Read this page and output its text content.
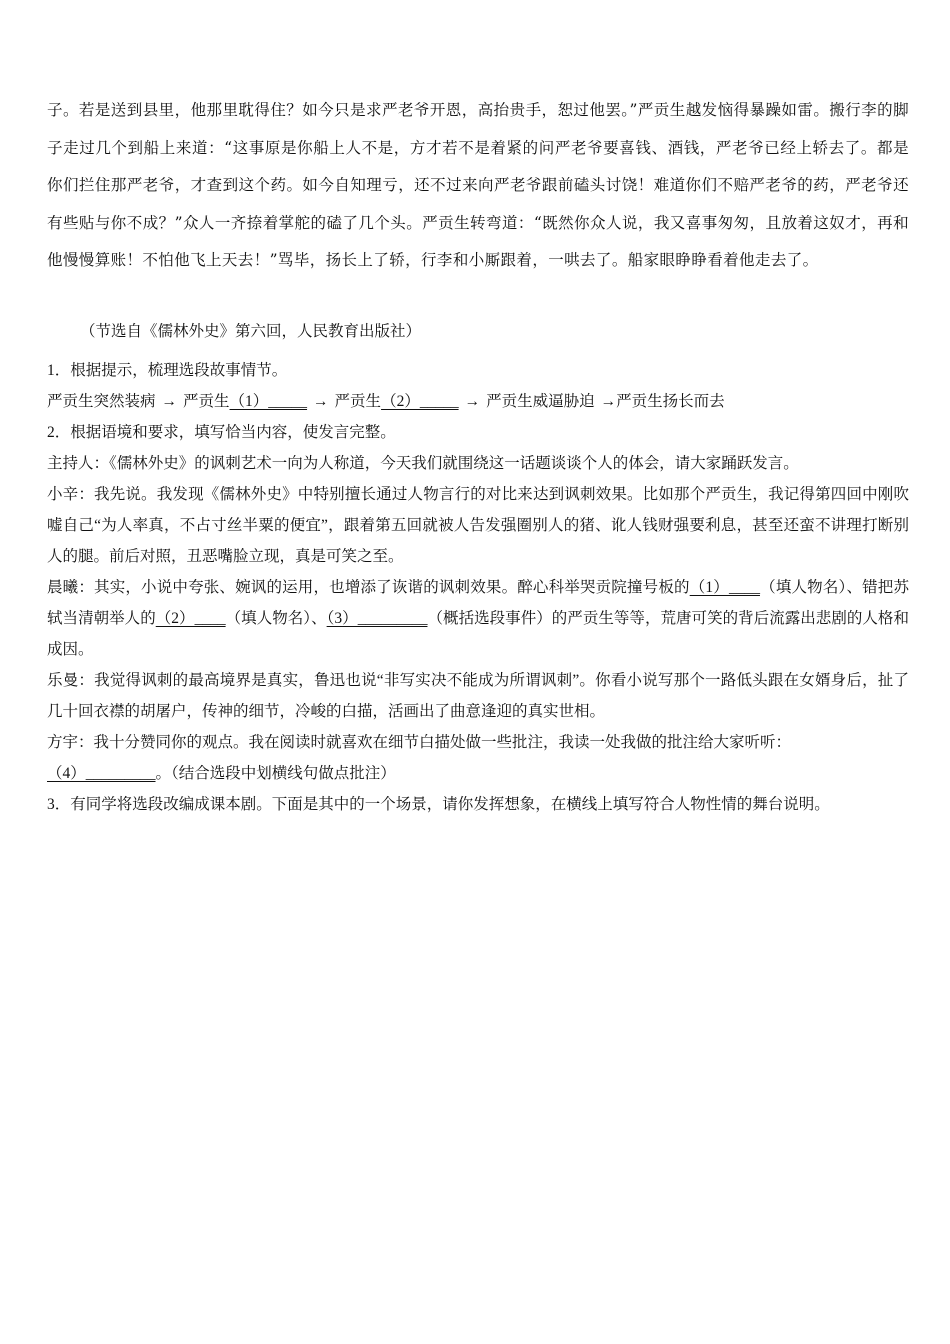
子。若是送到县里，他那里耽得住？如今只是求严老爷开恩，高抬贵手，恕过他罢。”严贡生越发恼得暴躁如雷。搬行李的脚子走过几个到船上来道：“这事原是你船上人不是，方才若不是着紧的问严老爷要喜钱、酒钱，严老爷已经上轿去了。都是你们拦住那严老爷，才查到这个药。如今自知理亏，还不过来向严老爷跟前磕头讨饶！难道你们不赔严老爷的药，严老爷还有些贴与你不成？”众人一齐捺着掌舵的磕了几个头。严贡生转弯道：“既然你众人说，我又喜事匆匆，且放着这奴才，再和他慢慢算账！不怕他飞上天去！”骂毕，扬长上了轿，行李和小厮跟着，一哄去了。船家眼睁睁看着他走去了。

（节选自《儒林外史》第六回，人民教育出版社）
1．根据提示，梳理选段故事情节。
严贡生突然装病 → 严贡生（1）_____ → 严贡生（2）_____ → 严贡生威逼胁迫 →严贡生扬长而去
2．根据语境和要求，填写恰当内容，使发言完整。
主持人：《儒林外史》的讽刺艺术一向为人称道，今天我们就围绕这一话题谈谈个人的体会，请大家踊跃发言。
小辛：我先说。我发现《儒林外史》中特别擅长通过人物言行的对比来达到讽刺效果。比如那个严贡生，我记得第四回中刚吹嘘自己“为人率真，不占寸丝半粟的便宜”，跟着第五回就被人告发强圈别人的猪、讹人钱财强要利息，甚至还蛮不讲理打断别人的腿。前后对照，丑恶嘴脸立现，真是可笑之至。
晨曦：其实，小说中夸张、婉讽的运用，也增添了诙谐的讽刺效果。醉心科举哭贡院撞号板的（1）____（填人物名）、错把苏轼当清朝举人的（2）____（填人物名）、（3）_________（概括选段事件）的严贡生等等，荒唐可笑的背后流露出悲剧的人格和成因。
乐曼：我觉得讽刺的最高境界是真实，鲁迅也说“非写实决不能成为所谓讽刺”。你看小说写那个一路低头跟在女婿身后，扯了几十回衣襟的胡屠户，传神的细节，冷峻的白描，活画出了曲意逢迎的真实世相。
方宇：我十分赞同你的观点。我在阅读时就喜欢在细节白描处做一些批注，我读一处我做的批注给大家听听：
（4）_________。（结合选段中划横线句做点批注）
3．有同学将选段改编成课本剧。下面是其中的一个场景，请你发挥想象，在横线上填写符合人物性情的舞台说明。
